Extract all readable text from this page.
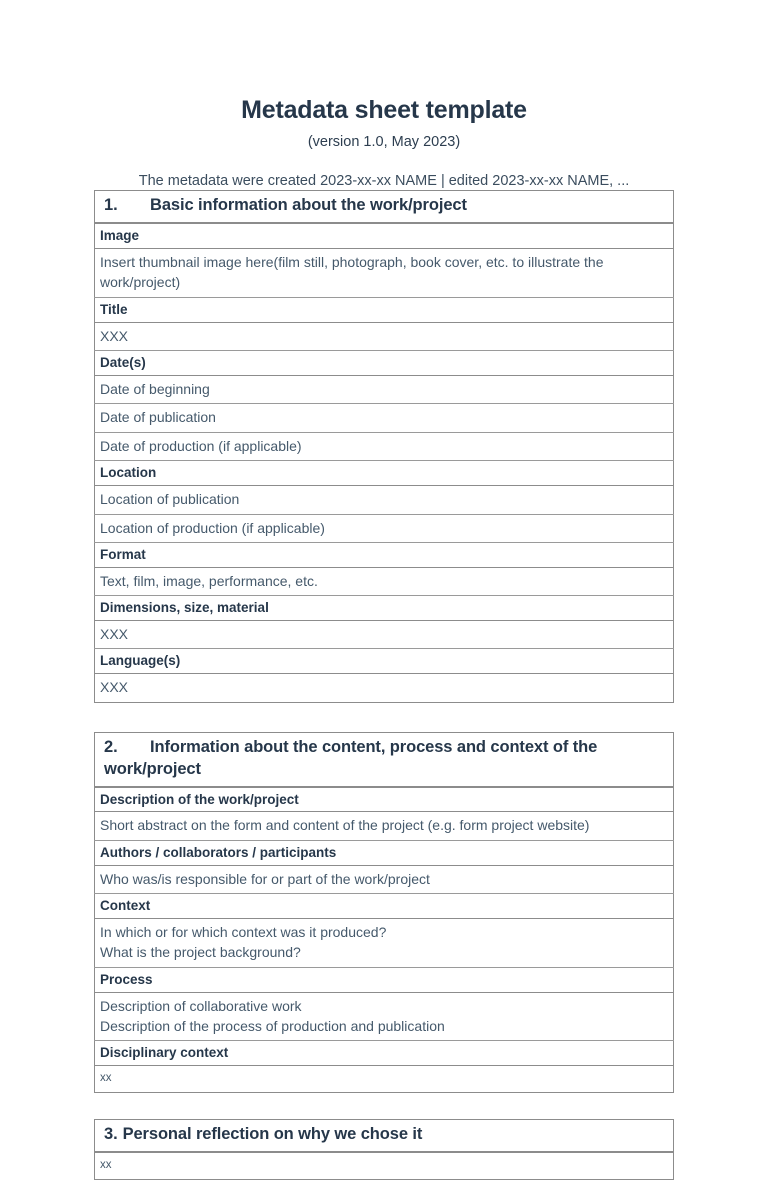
Metadata sheet template

(version 1.0, May 2023)

The metadata were created 2023-xx-xx NAME | edited 2023-xx-xx NAME, ...

1. Basic information about the work/project
Image
Insert thumbnail image here(film still, photograph, book cover, etc. to illustrate the work/project)
Title
XXX
Date(s)
Date of beginning
Date of publication
Date of production (if applicable)
Location
Location of publication
Location of production (if applicable)
Format
Text, film, image, performance, etc.
Dimensions, size, material
XXX
Language(s)
XXX
2. Information about the content, process and context of the work/project
Description of the work/project
Short abstract on the form and content of the project (e.g. form project website)
Authors / collaborators / participants
Who was/is responsible for or part of the work/project
Context

In which or for which context was it produced?
What is the project background?

Process

Description of collaborative work
Description of the process of production and publication

Disciplinary context
xx
3. Personal reflection on why we chose it
xx
